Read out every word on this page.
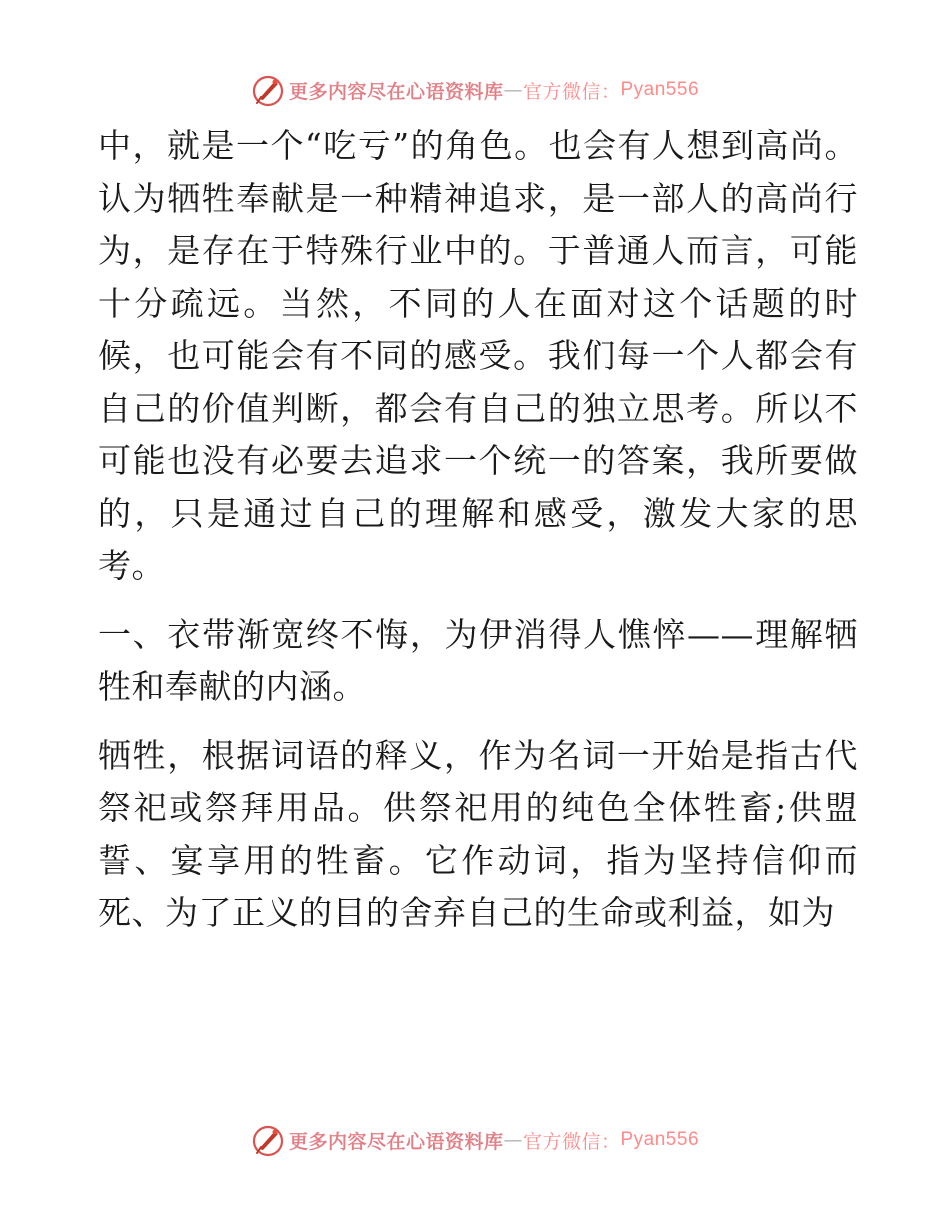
更多内容尽在心语资料库 — 官方微信： Pyan556

中，就是一个“吃亏”的角色。也会有人想到高尚。认为牺牲奉献是一种精神追求，是一部人的高尚行为，是存在于特殊行业中的。于普通人而言，可能十分疏远。当然，不同的人在面对这个话题的时候，也可能会有不同的感受。我们每一个人都会有自己的价值判断，都会有自己的独立思考。所以不可能也没有必要去追求一个统一的答案，我所要做的，只是通过自己的理解和感受，激发大家的思考。

一、衣带渐宽终不悔，为伊消得人憔悴——理解牺牲和奉献的内涵。

牺牲，根据词语的释义，作为名词一开始是指古代祭祀或祭拜用品。供祭祀用的纯色全体牲畜;供盟誓、宴享用的牲畜。它作动词，指为坚持信仰而死、为了正义的目的舍弃自己的生命或利益，如为

更多内容尽在心语资料库 — 官方微信： Pyan556
